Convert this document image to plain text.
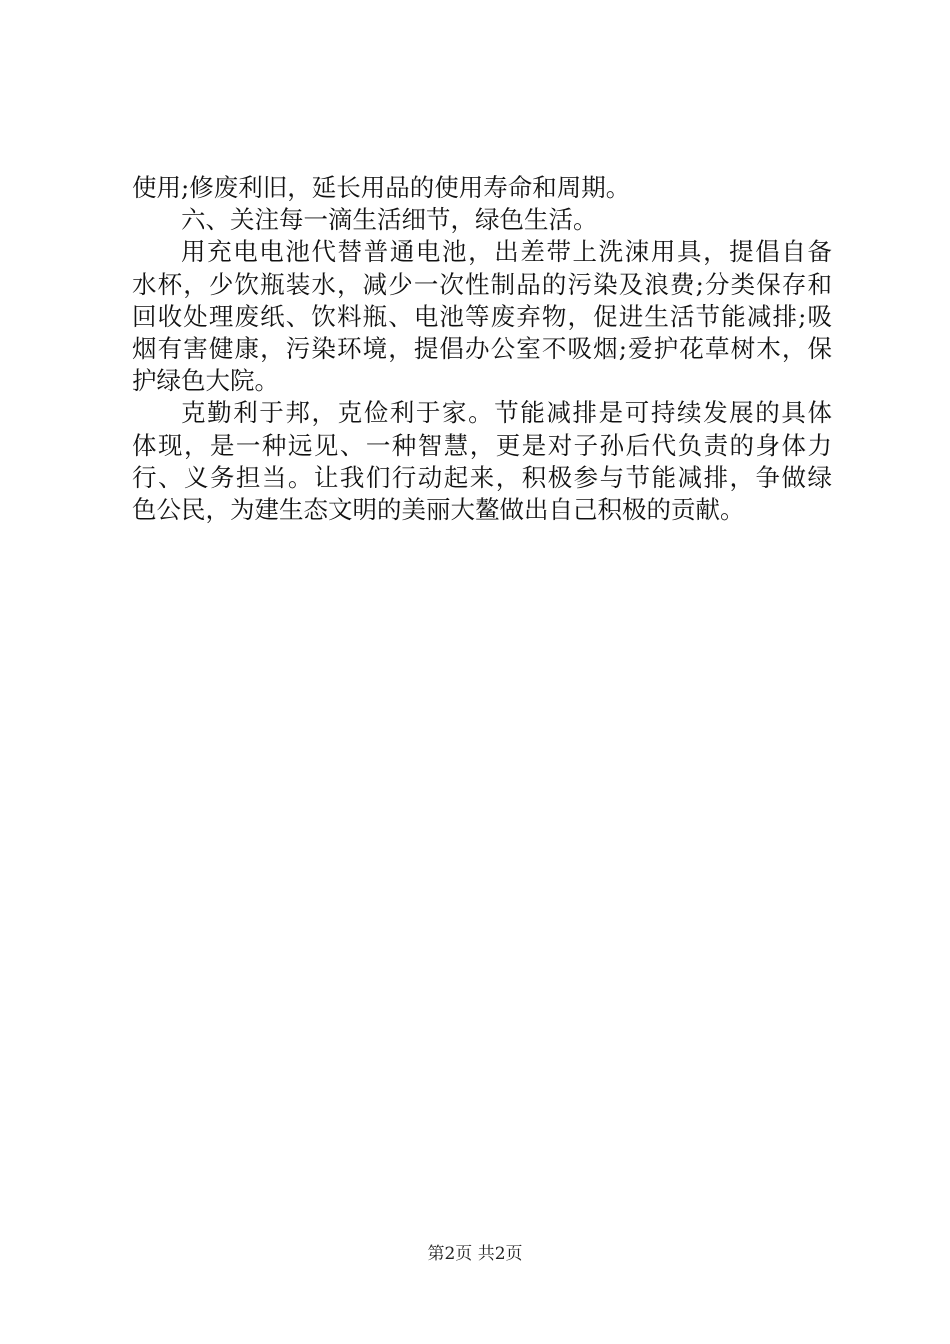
使用;修废利旧，延长用品的使用寿命和周期。
六、关注每一滴生活细节，绿色生活。
用充电电池代替普通电池，出差带上洗涑用具，提倡自备
水杯，少饮瓶装水，减少一次性制品的污染及浪费;分类保存和
回收处理废纸、饮料瓶、电池等废弃物，促进生活节能减排;吸
烟有害健康，污染环境，提倡办公室不吸烟;爱护花草树木，保
护绿色大院。
克勤利于邦，克俭利于家。节能减排是可持续发展的具体
体现，是一种远见、一种智慧，更是对子孙后代负责的身体力
行、义务担当。让我们行动起来，积极参与节能减排，争做绿
色公民，为建生态文明的美丽大鳌做出自己积极的贡献。
第2页 共2页
